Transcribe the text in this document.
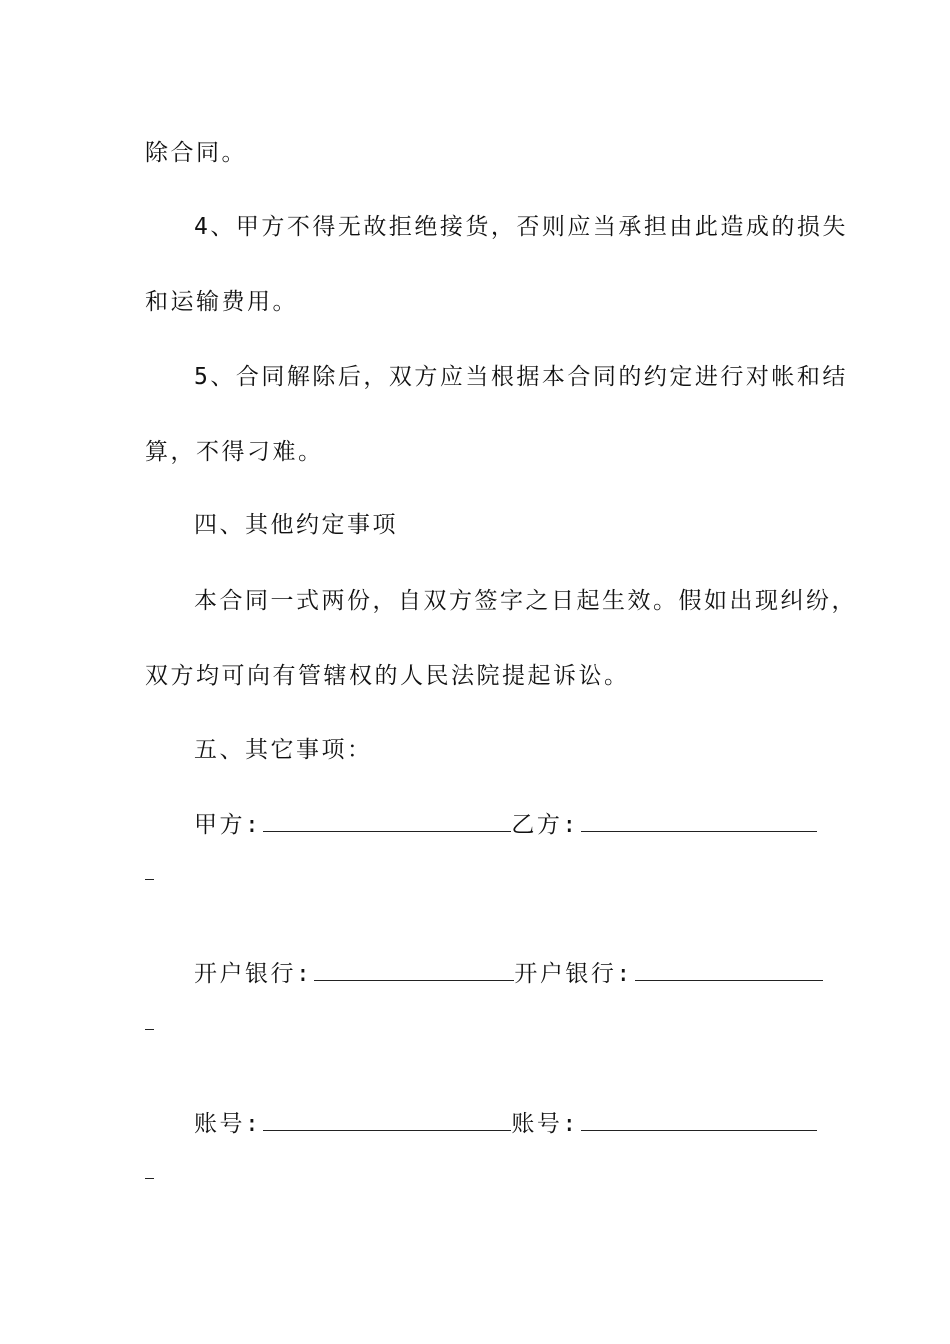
除合同。
4、甲方不得无故拒绝接货，否则应当承担由此造成的损失
和运输费用。
5、合同解除后，双方应当根据本合同的约定进行对帐和结
算，不得刁难。
四、其他约定事项
本合同一式两份，自双方签字之日起生效。假如出现纠纷，
双方均可向有管辖权的人民法院提起诉讼。
五、其它事项：
甲方:	乙方:
开户银行:	开户银行:
账号:	账号:
